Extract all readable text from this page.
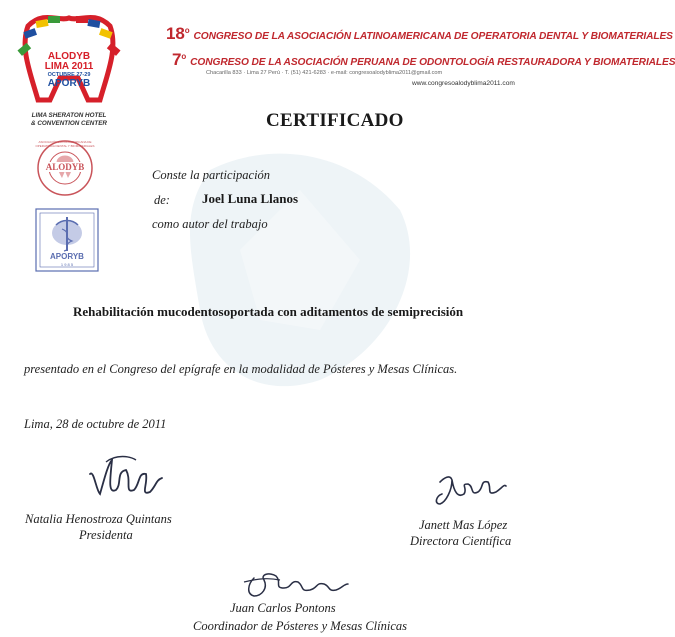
ALODYB
LIMA 2011
OCTUBRE 27-29
APORYB
LIMA SHERATON HOTEL
& CONVENTION CENTER
ALODYB
ASOCIACIÓN LATINOAMERICANA DE OPERATORIA DENTAL Y BIOMATERIALES
APORYB
1 9 8 5
18$^o$CONGRESO DE LA ASOCIACIÓN LATINOAMERICANA DE OPERATORIA DENTAL Y BIOMATERIALES
7$^o$CONGRESO DE LA ASOCIACIÓN PERUANA DE ODONTOLOGÍA RESTAURADORA Y BIOMATERIALES
Chacarilla 833 · Lima 27 Perú · T. (51) 421-6283 · e-mail: congresoalodyblima2011@gmail.com
www.congresoalodyblima2011.com
CERTIFICADO
Conste la participación
de: Joel Luna Llanos
como autor del trabajo
Rehabilitación mucodentosoportada con aditamentos de semiprecisión
presentado en el Congreso del epígrafe en la modalidad de Pósteres y Mesas Clínicas.
Lima, 28 de octubre de 2011
Natalia Henostroza Quintans
Presidenta
Janett Mas López
Directora Científica
Juan Carlos Pontons
Coordinador de Pósteres y Mesas Clínicas
